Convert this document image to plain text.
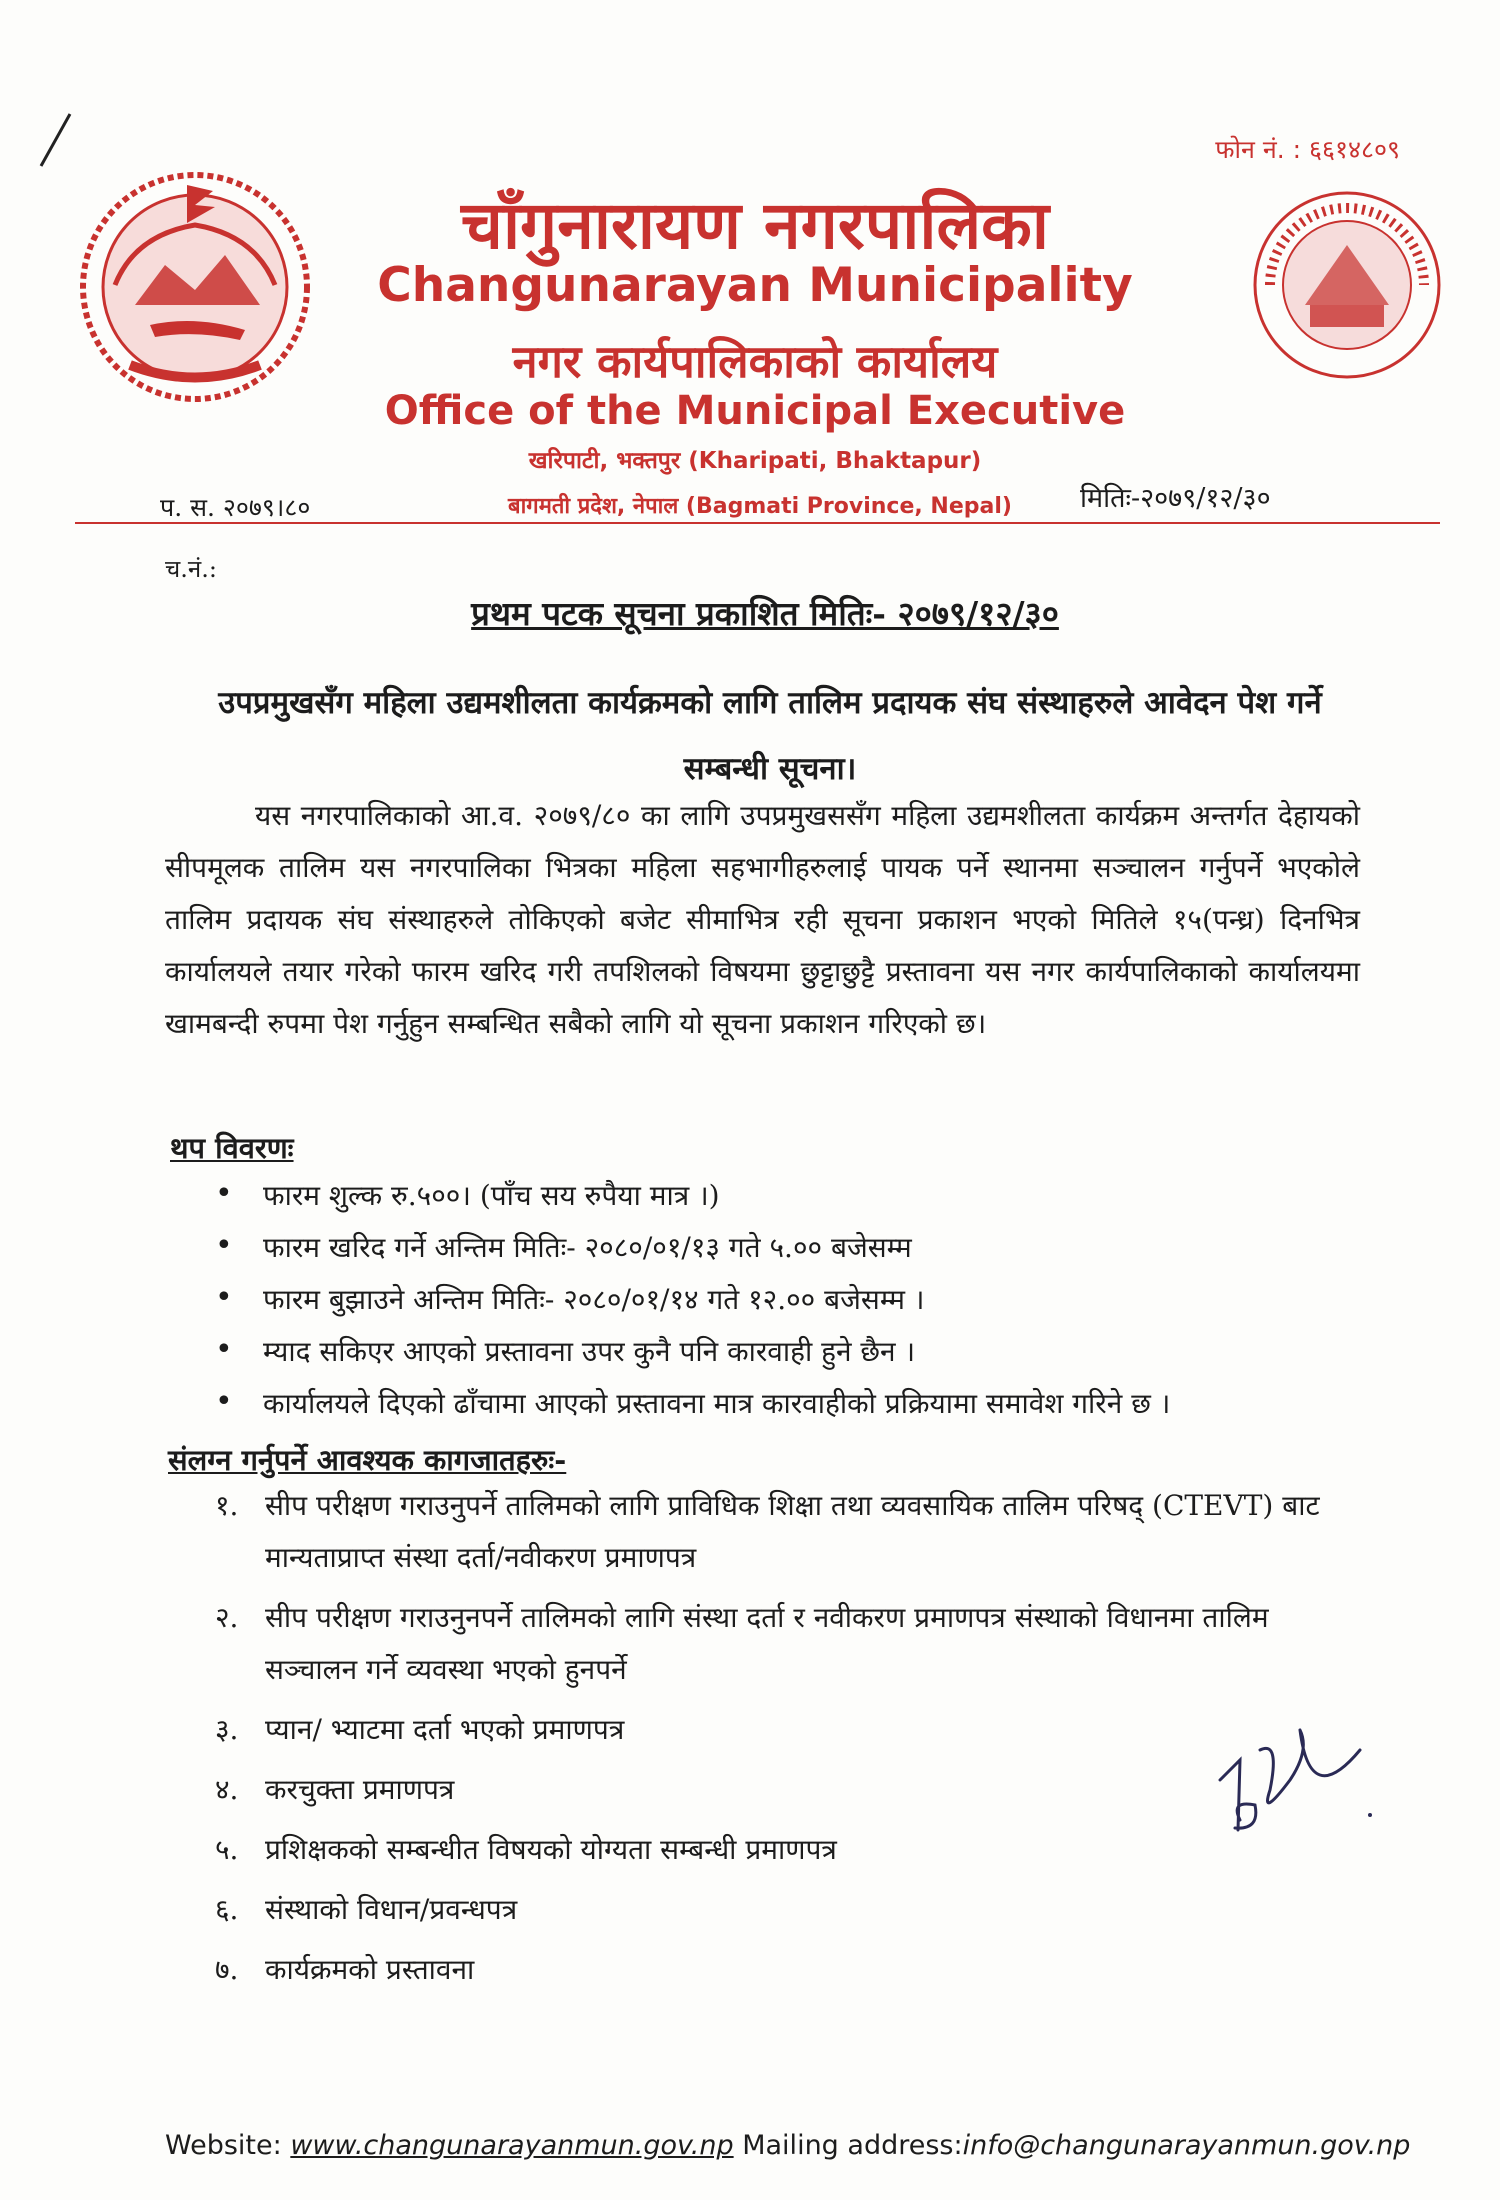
फोन नं. : ६६१४८०९
चाँगुनारायण नगरपालिका
Changunarayan Municipality
नगर कार्यपालिकाको कार्यालय
Office of the Municipal Executive
खरिपाटी, भक्तपुर (Kharipati, Bhaktapur)
बागमती प्रदेश, नेपाल (Bagmati Province, Nepal)
प. स. २०७९।८०	मितिः-२०७९/१२/३०
च.नं.:
प्रथम पटक सूचना प्रकाशित मितिः- २०७९/१२/३०
उपप्रमुखसँग महिला उद्यमशीलता कार्यक्रमको लागि तालिम प्रदायक संघ संस्थाहरुले आवेदन पेश गर्ने सम्बन्धी सूचना।

यस नगरपालिकाको आ.व. २०७९/८० का लागि उपप्रमुखससँग महिला उद्यमशीलता कार्यक्रम अन्तर्गत देहायको सीपमूलक तालिम यस नगरपालिका भित्रका महिला सहभागीहरुलाई पायक पर्ने स्थानमा सञ्चालन गर्नुपर्ने भएकोले तालिम प्रदायक संघ संस्थाहरुले तोकिएको बजेट सीमाभित्र रही सूचना प्रकाशन भएको मितिले १५(पन्ध्र) दिनभित्र कार्यालयले तयार गरेको फारम खरिद गरी तपशिलको विषयमा छुट्टाछुट्टै प्रस्तावना यस नगर कार्यपालिकाको कार्यालयमा खामबन्दी रुपमा पेश गर्नुहुन सम्बन्धित सबैको लागि यो सूचना प्रकाशन गरिएको छ।

थप विवरणः
• फारम शुल्क रु.५००। (पाँच सय रुपैया मात्र ।)
• फारम खरिद गर्ने अन्तिम मितिः- २०८०/०१/१३ गते ५.०० बजेसम्म
• फारम बुझाउने अन्तिम मितिः- २०८०/०१/१४ गते १२.०० बजेसम्म ।
• म्याद सकिएर आएको प्रस्तावना उपर कुनै पनि कारवाही हुने छैन ।
• कार्यालयले दिएको ढाँचामा आएको प्रस्तावना मात्र कारवाहीको प्रक्रियामा समावेश गरिने छ ।
संलग्न गर्नुपर्ने आवश्यक कागजातहरुः-
१. सीप परीक्षण गराउनुपर्ने तालिमको लागि प्राविधिक शिक्षा तथा व्यवसायिक तालिम परिषद् (CTEVT) बाट मान्यताप्राप्त संस्था दर्ता/नवीकरण प्रमाणपत्र
२. सीप परीक्षण गराउनुनपर्ने तालिमको लागि संस्था दर्ता र नवीकरण प्रमाणपत्र संस्थाको विधानमा तालिम सञ्चालन गर्ने व्यवस्था भएको हुनपर्ने
३. प्यान/ भ्याटमा दर्ता भएको प्रमाणपत्र
४. करचुक्ता प्रमाणपत्र
५. प्रशिक्षकको सम्बन्धीत विषयको योग्यता सम्बन्धी प्रमाणपत्र
६. संस्थाको विधान/प्रवन्धपत्र
७. कार्यक्रमको प्रस्तावना
Website: www.changunarayanmun.gov.np Mailing address:info@changunarayanmun.gov.np
